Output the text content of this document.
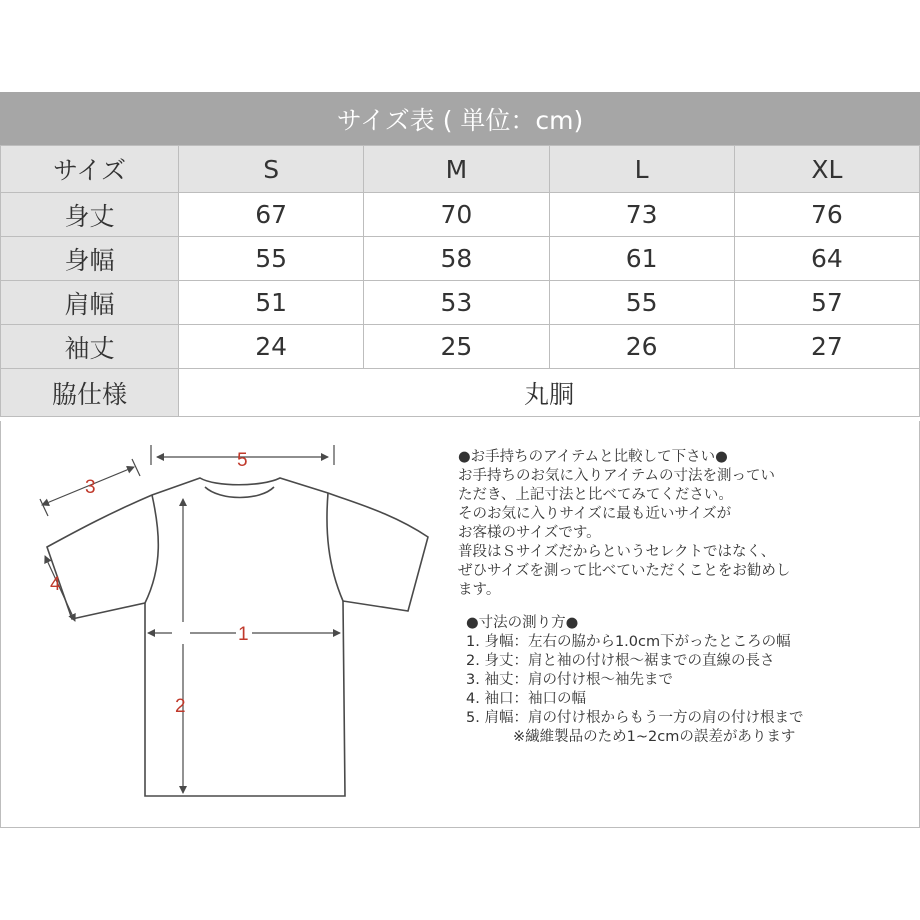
サイズ表 ( 単位：cm)
サイズ	S	M	L	XL
身丈	67	70	73	76
身幅	55	58	61	64
肩幅	51	53	55	57
袖丈	24	25	26	27
脇仕様	丸胴			
2
5
3
4
1
●お手持ちのアイテムと比較して下さい●
お手持ちのお気に入りアイテムの寸法を測ってい
ただき、上記寸法と比べてみてください。
そのお気に入りサイズに最も近いサイズが
お客様のサイズです。
普段はＳサイズだからというセレクトではなく、
ぜひサイズを測って比べていただくことをお勧めし
ます。
●寸法の測り方●
1. 身幅：左右の脇から1.0cm下がったところの幅
2. 身丈：肩と袖の付け根～裾までの直線の長さ
3. 袖丈：肩の付け根～袖先まで
4. 袖口：袖口の幅
5. 肩幅：肩の付け根からもう一方の肩の付け根まで
※繊維製品のため1~2cmの誤差があります
